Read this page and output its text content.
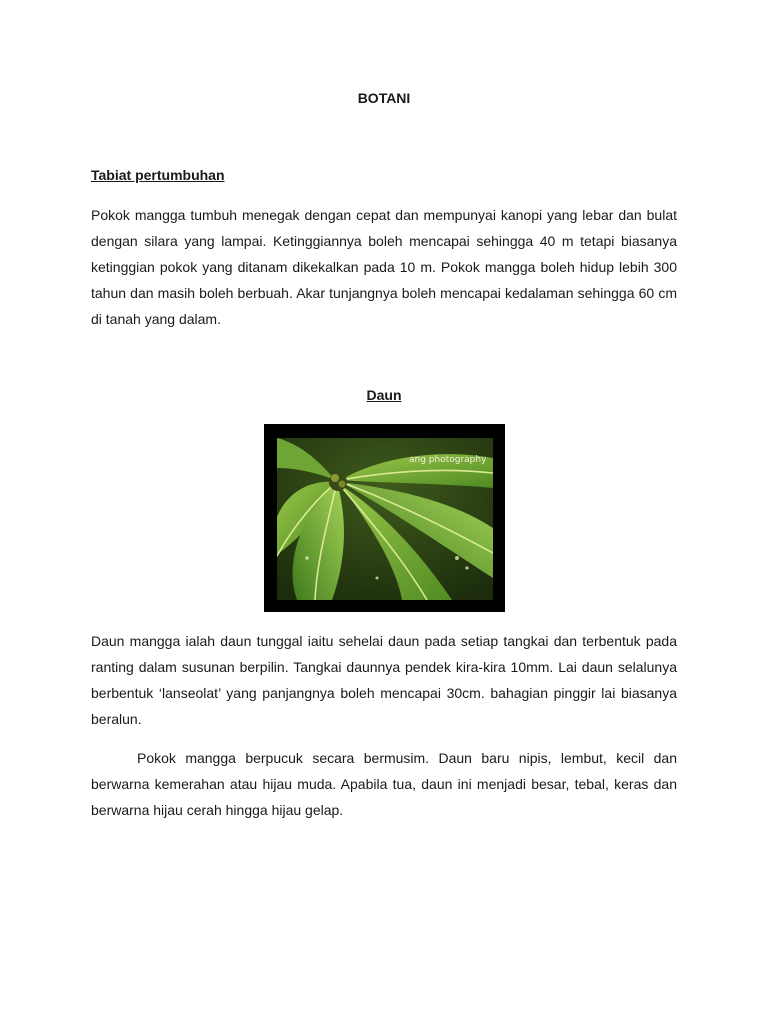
BOTANI
Tabiat pertumbuhan

Pokok mangga tumbuh menegak dengan cepat dan mempunyai kanopi yang lebar dan bulat dengan silara yang lampai. Ketinggiannya boleh mencapai sehingga 40 m tetapi biasanya ketinggian pokok yang ditanam dikekalkan pada 10 m. Pokok mangga boleh hidup lebih 300 tahun dan masih boleh berbuah. Akar tunjangnya boleh mencapai kedalaman sehingga 60 cm di tanah yang dalam.

Daun
ang photography

Daun mangga ialah daun tunggal iaitu sehelai daun pada setiap tangkai dan terbentuk pada ranting dalam susunan berpilin. Tangkai daunnya pendek kira-kira 10mm. Lai daun selalunya berbentuk ‘lanseolat’ yang panjangnya boleh mencapai 30cm. bahagian pinggir lai biasanya beralun.

Pokok mangga berpucuk secara bermusim. Daun baru nipis, lembut, kecil dan berwarna kemerahan atau hijau muda. Apabila tua, daun ini menjadi besar, tebal, keras dan berwarna hijau cerah hingga hijau gelap.
